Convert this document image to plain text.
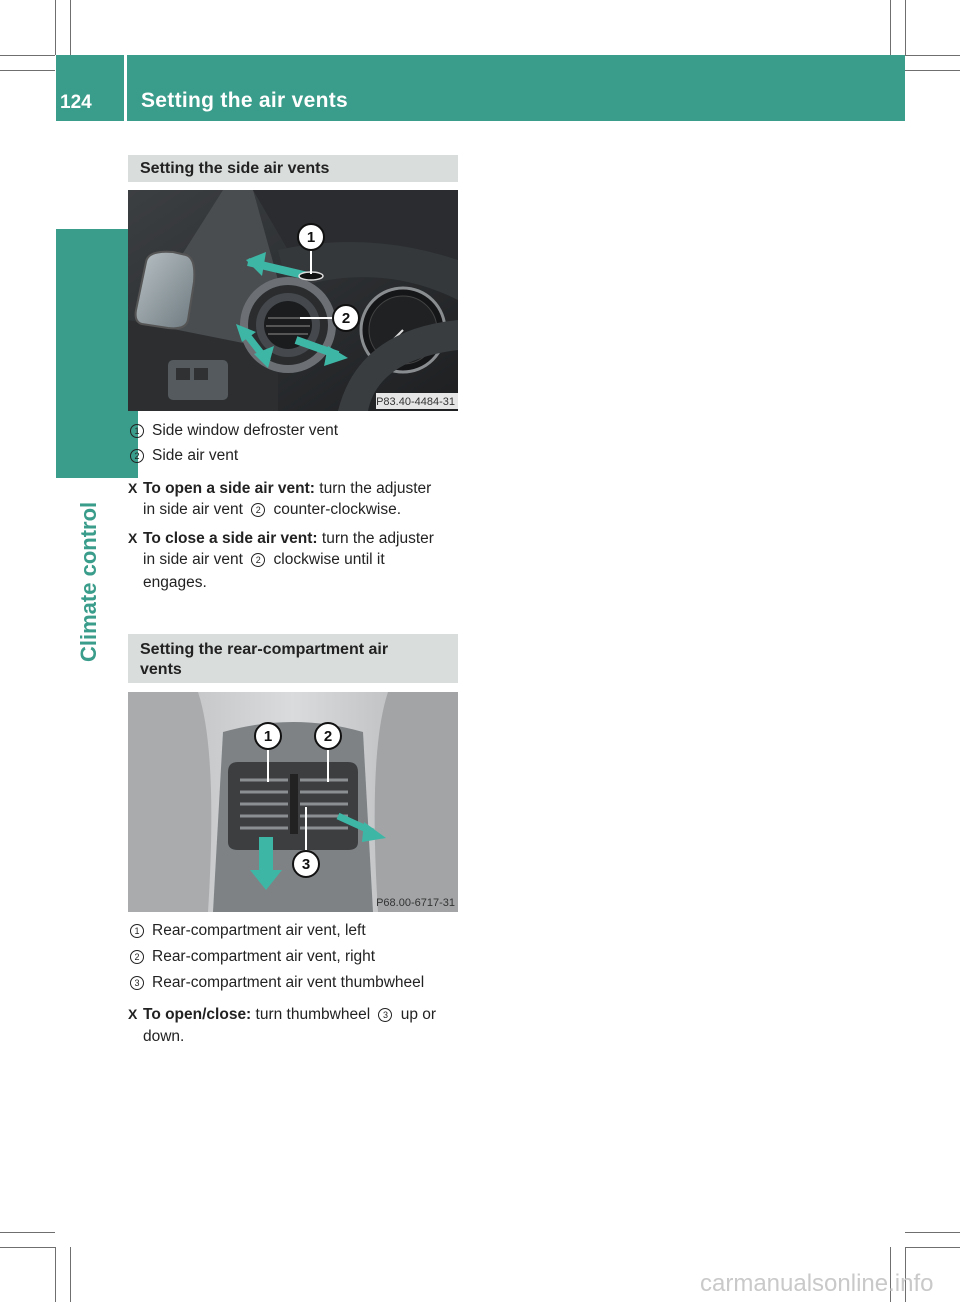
124 Setting the air vents
Climate control
Setting the side air vents
1
2
P83.40-4484-31
1 Side window defroster vent
2 Side air vent
X To open a side air vent: turn the adjuster
in side air vent 2 counter-clockwise.
X To close a side air vent: turn the adjuster
in side air vent 2 clockwise until it
engages.
Setting the rear-compartment air
vents
1	2
3
P68.00-6717-31
1 Rear-compartment air vent, left
2 Rear-compartment air vent, right
3 Rear-compartment air vent thumbwheel
X To open/close: turn thumbwheel 3 up or
down.
carmanualsonline.info
